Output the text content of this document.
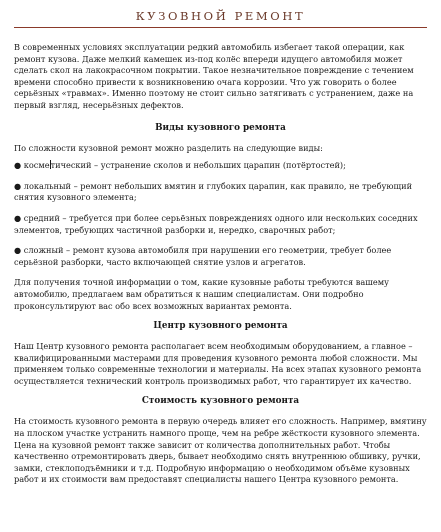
КУЗОВНОЙ РЕМОНТ

В современных условиях эксплуатации редкий автомобиль избегает такой операции, как ремонт кузова. Даже мелкий камешек из-под колёс впереди идущего автомобиля может сделать скол на лакокрасочном покрытии. Такое незначительное повреждение с течением времени способно привести к возникновению очага коррозии. Что уж говорить о более серьёзных «травмах». Именно поэтому не стоит сильно затягивать с устранением, даже на первый взгляд, несерьёзных дефектов.

Виды кузовного ремонта

По сложности кузовной ремонт можно разделить на следующие виды:

● косметический – устранение сколов и небольших царапин (потёртостей);

● локальный – ремонт небольших вмятин и глубоких царапин, как правило, не требующий снятия кузовного элемента;

● средний – требуется при более серьёзных повреждениях одного или нескольких соседних элементов, требующих частичной разборки и, нередко, сварочных работ;

● сложный – ремонт кузова автомобиля при нарушении его геометрии, требует более серьёзной разборки, часто включающей снятие узлов и агрегатов.

Для получения точной информации о том, какие кузовные работы требуются вашему автомобилю, предлагаем вам обратиться к нашим специалистам. Они подробно проконсультируют вас обо всех возможных вариантах ремонта.

Центр кузовного ремонта

Наш Центр кузовного ремонта располагает всем необходимым оборудованием, а главное – квалифицированными мастерами для проведения кузовного ремонта любой сложности. Мы применяем только современные технологии и материалы. На всех этапах кузовного ремонта осуществляется технический контроль производимых работ, что гарантирует их качество.

Стоимость кузовного ремонта

На стоимость кузовного ремонта в первую очередь влияет его сложность. Например, вмятину на плоском участке устранить намного проще, чем на ребре жёсткости кузовного элемента. Цена на кузовной ремонт также зависит от количества дополнительных работ. Чтобы качественно отремонтировать дверь, бывает необходимо снять внутреннюю обшивку, ручки, замки, стеклоподъёмники и т.д. Подробную информацию о необходимом объёме кузовных работ и их стоимости вам предоставят специалисты нашего Центра кузовного ремонта.
